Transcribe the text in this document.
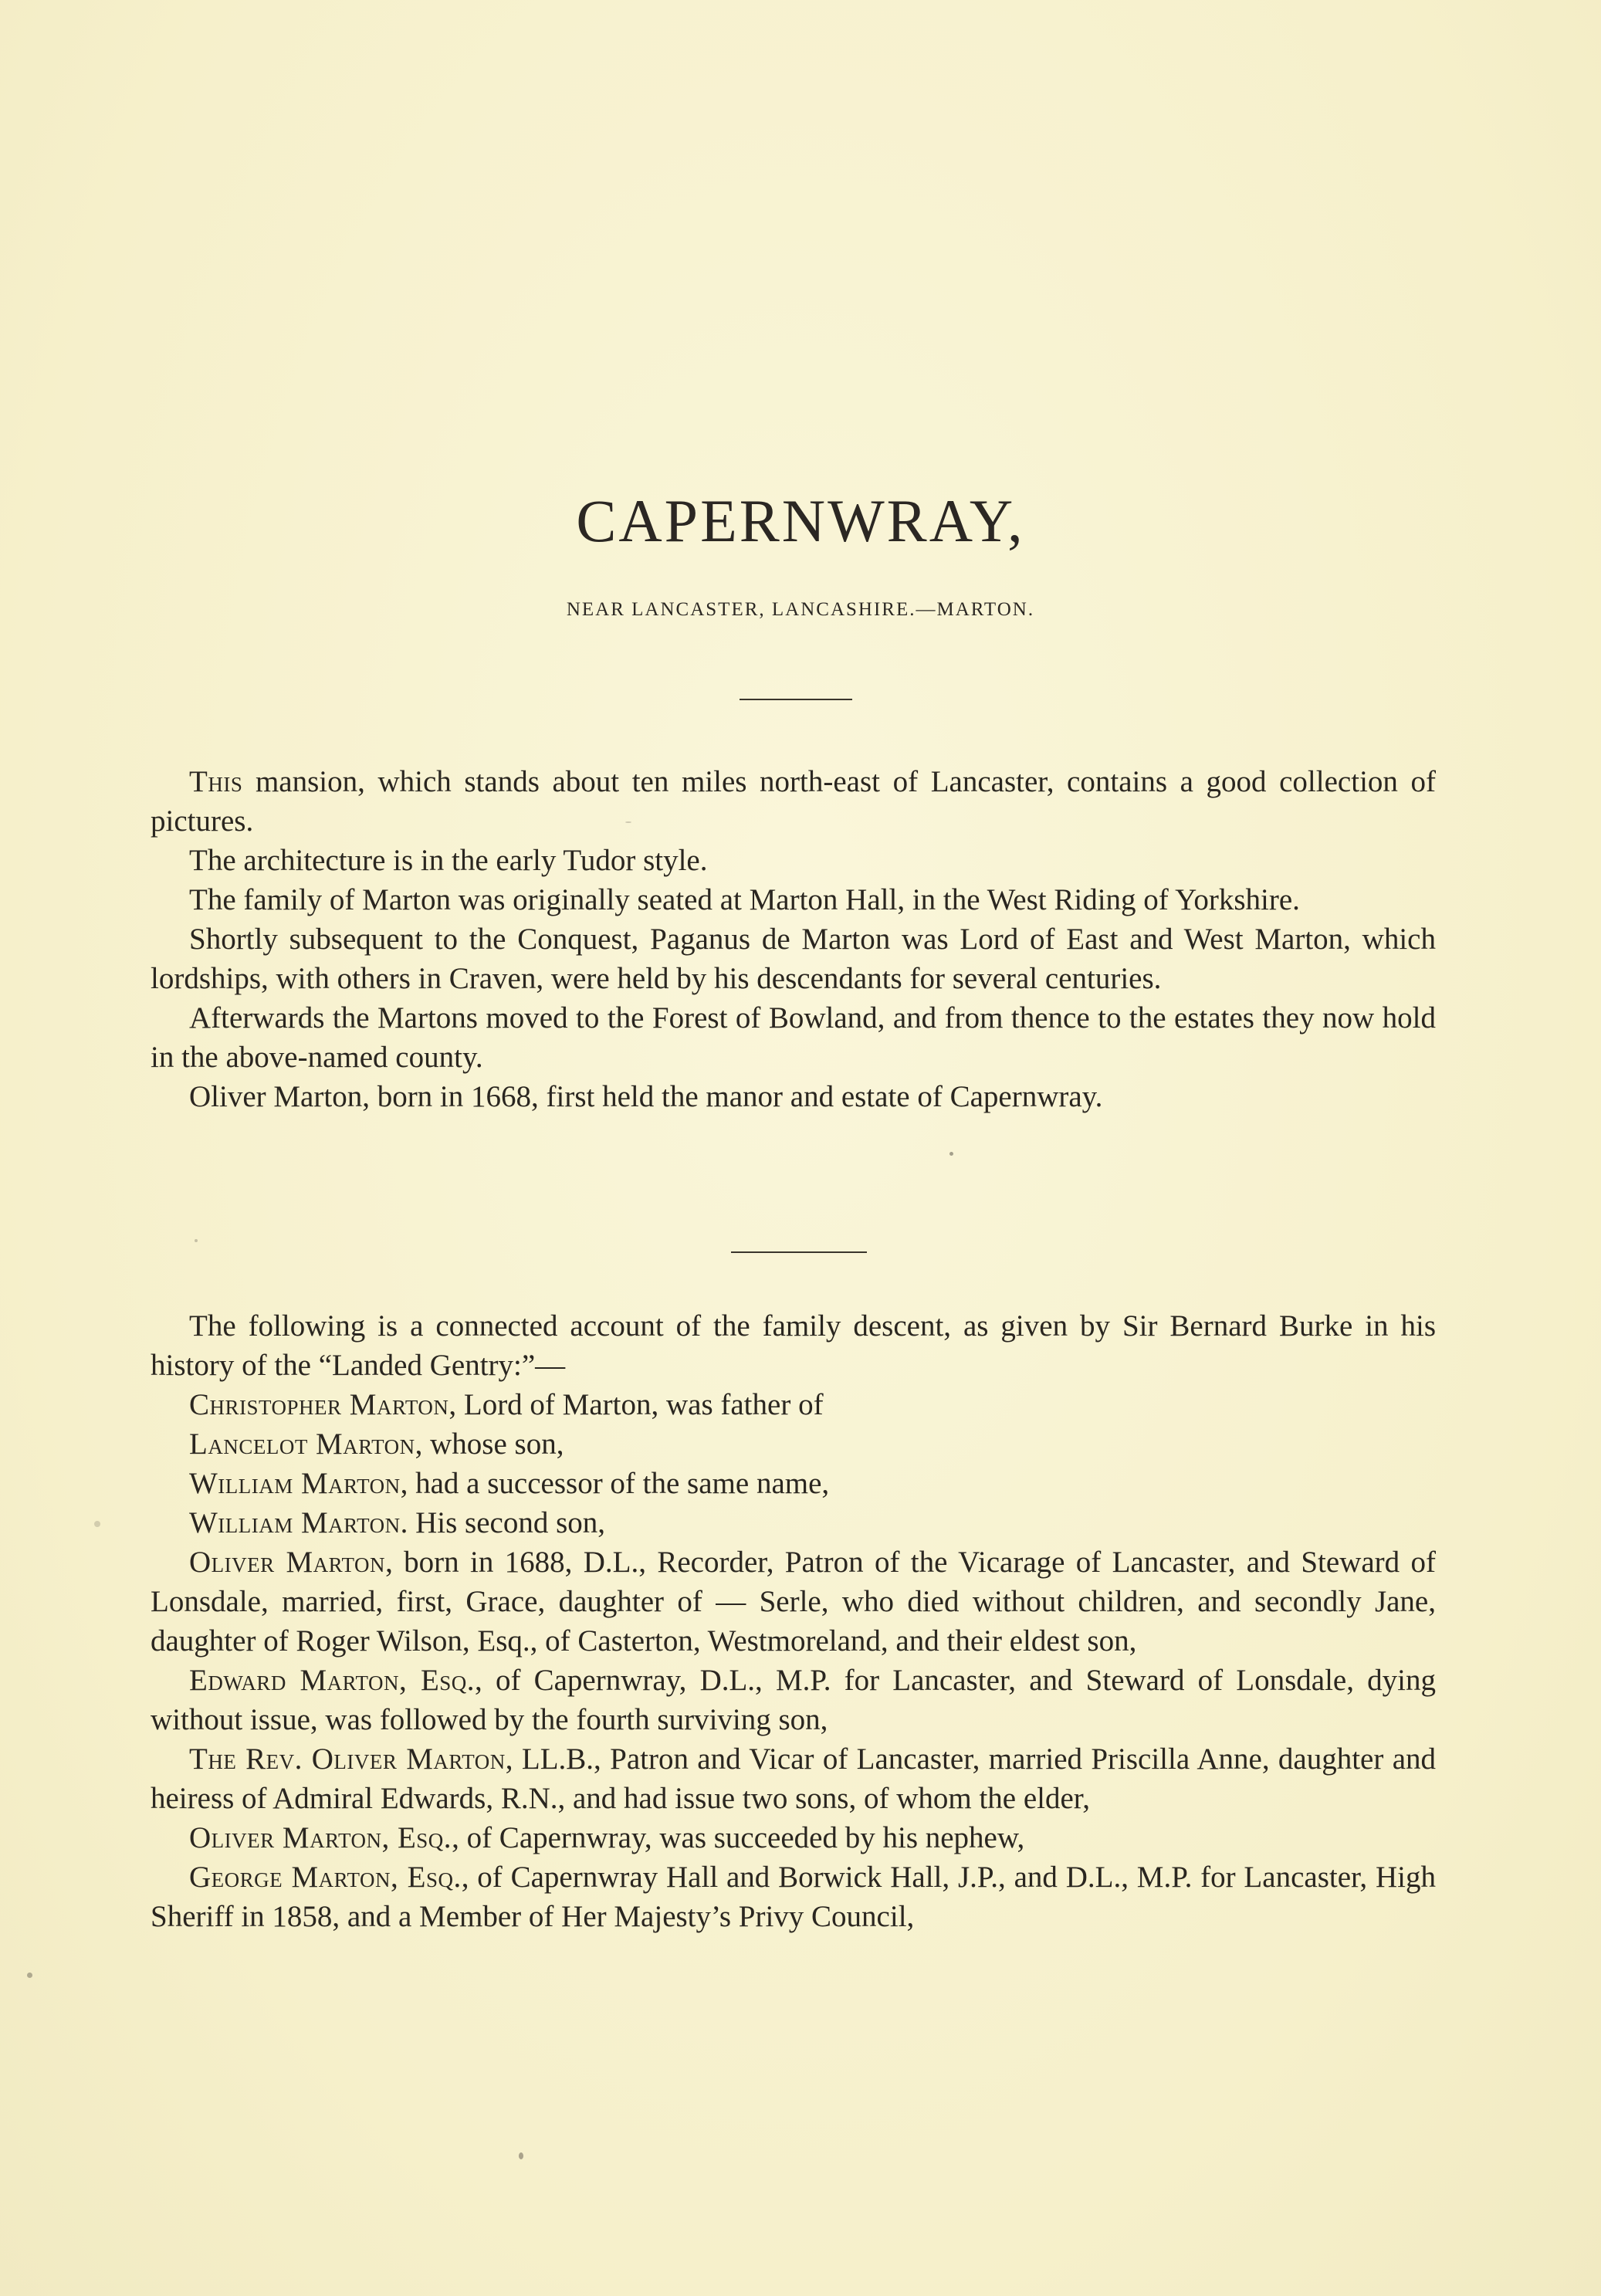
CAPERNWRAY,
NEAR LANCASTER, LANCASHIRE.—MARTON.

This mansion, which stands about ten miles north-east of Lancaster, contains a good collection of pictures.

The architecture is in the early Tudor style.

The family of Marton was originally seated at Marton Hall, in the West Riding of Yorkshire.

Shortly subsequent to the Conquest, Paganus de Marton was Lord of East and West Marton, which lordships, with others in Craven, were held by his descendants for several centuries.

Afterwards the Martons moved to the Forest of Bowland, and from thence to the estates they now hold in the above-named county.

Oliver Marton, born in 1668, first held the manor and estate of Capernwray.

The following is a connected account of the family descent, as given by Sir Bernard Burke in his history of the “Landed Gentry:”—

Christopher Marton, Lord of Marton, was father of

Lancelot Marton, whose son,

William Marton, had a successor of the same name,

William Marton. His second son,

Oliver Marton, born in 1688, D.L., Recorder, Patron of the Vicarage of Lancaster, and Steward of Lonsdale, married, first, Grace, daughter of — Serle, who died without children, and secondly Jane, daughter of Roger Wilson, Esq., of Casterton, Westmoreland, and their eldest son,

Edward Marton, Esq., of Capernwray, D.L., M.P. for Lancaster, and Steward of Lonsdale, dying without issue, was followed by the fourth surviving son,

The Rev. Oliver Marton, LL.B., Patron and Vicar of Lancaster, married Priscilla Anne, daughter and heiress of Admiral Edwards, R.N., and had issue two sons, of whom the elder,

Oliver Marton, Esq., of Capernwray, was succeeded by his nephew,

George Marton, Esq., of Capernwray Hall and Borwick Hall, J.P., and D.L., M.P. for Lancaster, High Sheriff in 1858, and a Member of Her Majesty’s Privy Council,
